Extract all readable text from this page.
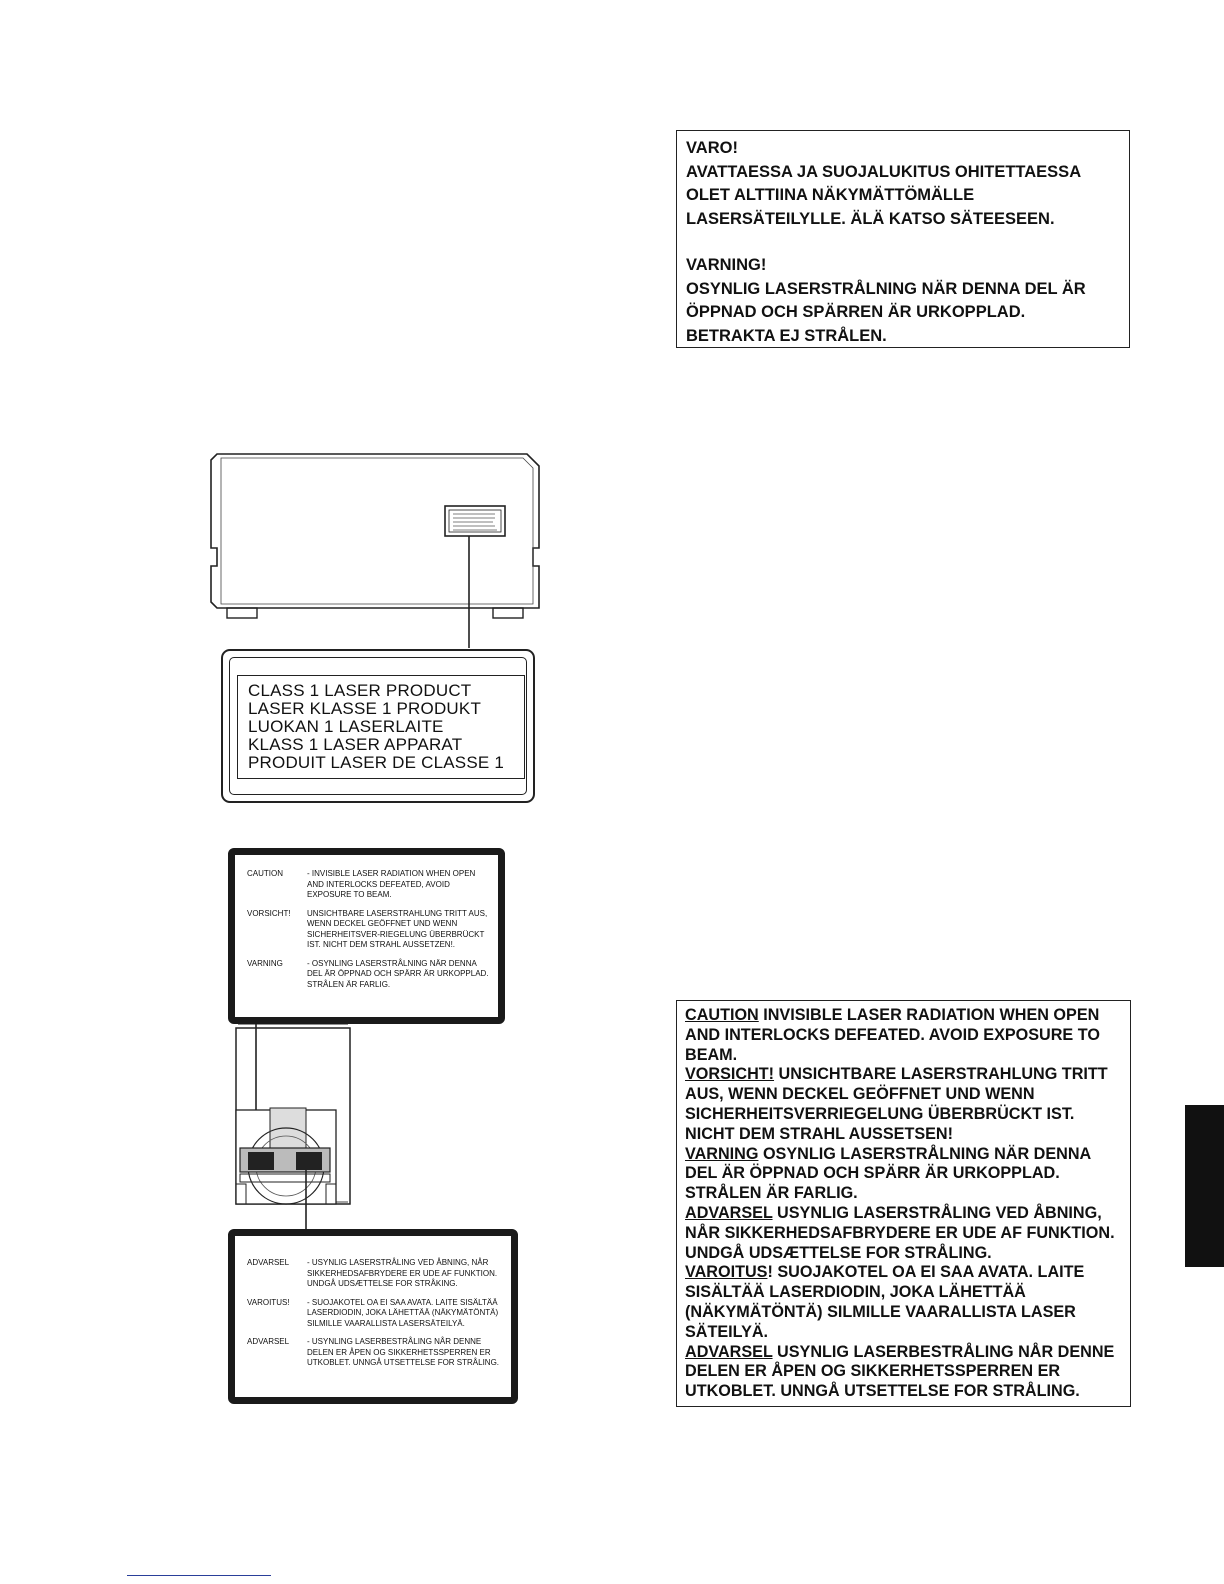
VARO!

AVATTAESSA JA SUOJALUKITUS OHITETTAESSA

OLET ALTTIINA NÄKYMÄTTÖMÄLLE

LASERSÄTEILYLLE. ÄLÄ KATSO SÄTEESEEN.

VARNING!

OSYNLIG LASERSTRÅLNING NÄR DENNA DEL ÄR

ÖPPNAD OCH SPÄRREN ÄR URKOPPLAD.

BETRAKTA EJ STRÅLEN.

CLASS 1 LASER PRODUCT
LASER KLASSE 1 PRODUKT
LUOKAN 1 LASERLAITE
KLASS 1 LASER APPARAT
PRODUIT LASER DE CLASSE 1
CAUTION	- INVISIBLE LASER RADIATION WHEN OPEN AND INTERLOCKS DEFEATED, AVOID EXPOSURE TO BEAM.
VORSICHT! UNSICHTBARE LASERSTRAHLUNG TRITT AUS, WENN DECKEL GEÖFFNET UND WENN SICHERHEITSVER-RIEGELUNG ÜBERBRÜCKT IST. NICHT DEM STRAHL AUSSETZEN!.
VARNING	- OSYNLING LASERSTRÅLNING NÄR DENNA DEL ÄR ÖPPNAD OCH SPÄRR ÄR URKOPPLAD. STRÅLEN ÄR FARLIG.
ADVARSEL - USYNLIG LASERSTRÅLING VED ÅBNING, NÅR SIKKERHEDSAFBRYDERE ER UDE AF FUNKTION. UNDGÅ UDSÆTTELSE FOR STRÅKING.
VAROITUS! - SUOJAKOTEL OA EI SAA AVATA. LAITE SISÄLTÄÄ LASERDIODIN, JOKA LÄHETTÄÄ (NÄKYMÄTÖNTÄ) SILMILLE VAARALLISTA LASERSÄTEILYÄ.
ADVARSEL - USYNLING LASERBESTRÅLING NÅR DENNE DELEN ER ÅPEN OG SIKKERHETSSPERREN ER UTKOBLET. UNNGÅ UTSETTELSE FOR STRÅLING.

CAUTION INVISIBLE LASER RADIATION WHEN OPEN AND INTERLOCKS DEFEATED. AVOID EXPOSURE TO BEAM.

VORSICHT! UNSICHTBARE LASERSTRAHLUNG TRITT AUS, WENN DECKEL GEÖFFNET UND WENN SICHERHEITSVERRIEGELUNG ÜBERBRÜCKT IST. NICHT DEM STRAHL AUSSETSEN!

VARNING OSYNLIG LASERSTRÅLNING NÄR DENNA DEL ÄR ÖPPNAD OCH SPÄRR ÄR URKOPPLAD. STRÅLEN ÄR FARLIG.

ADVARSEL USYNLIG LASERSTRÅLING VED ÅBNING, NÅR SIKKERHEDSAFBRYDERE ER UDE AF FUNKTION. UNDGÅ UDSÆTTELSE FOR STRÅLING.

VAROITUS! SUOJAKOTEL OA EI SAA AVATA. LAITE SISÄLTÄÄ LASERDIODIN, JOKA LÄHETTÄÄ (NÄKYMÄTÖNTÄ) SILMILLE VAARALLISTA LASER SÄTEILYÄ.

ADVARSEL USYNLIG LASERBESTRÅLING NÅR DENNE DELEN ER ÅPEN OG SIKKERHETSSPERREN ER UTKOBLET. UNNGÅ UTSETTELSE FOR STRÅLING.
